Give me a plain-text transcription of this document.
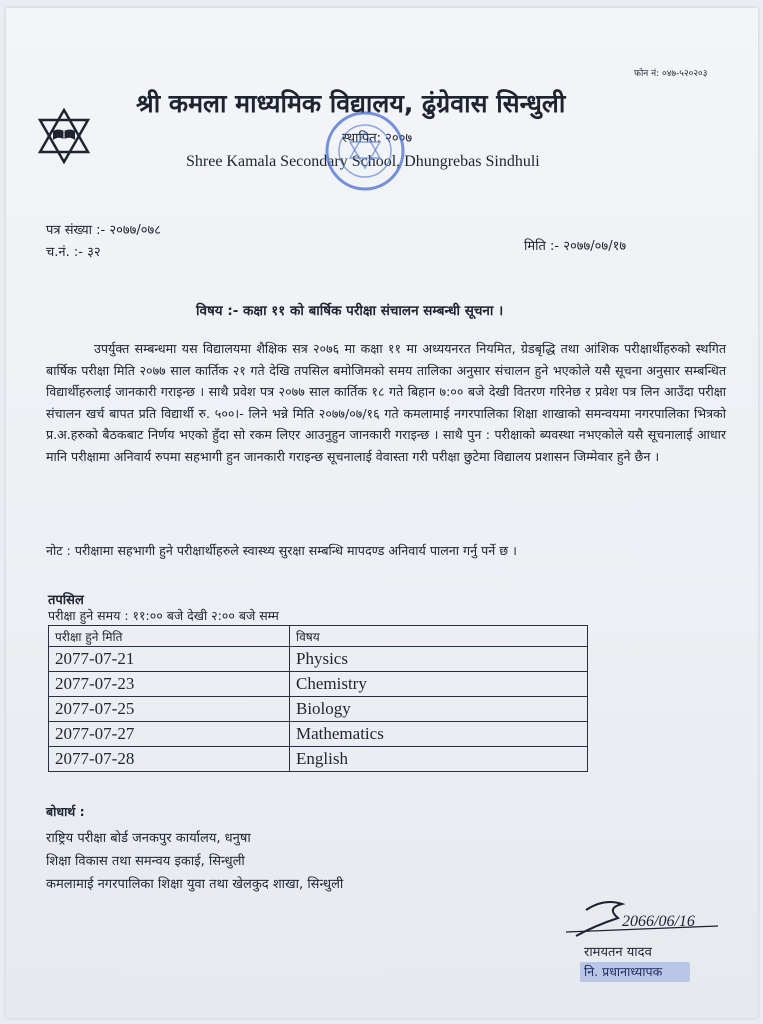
फोन नं: ०४७-५२०२०३
श्री कमला माध्यमिक विद्यालय, ढुंग्रेवास सिन्धुली
स्थापित: २००७
Shree Kamala Secondary School, Dhungrebas Sindhuli
पत्र संख्या :- २०७७/०७८
च.नं. :- ३२	मिति :- २०७७/०७/१७
विषय :- कक्षा ११ को बार्षिक परीक्षा संचालन सम्बन्धी सूचना ।
उपर्युक्त सम्बन्धमा यस विद्यालयमा शैक्षिक सत्र २०७६ मा कक्षा ११ मा अध्ययनरत नियमित, ग्रेडबृद्धि तथा आंशिक परीक्षार्थीहरुको स्थगित बार्षिक परीक्षा मिति २०७७ साल कार्तिक २१ गते देखि तपसिल बमोजिमको समय तालिका अनुसार संचालन हुने भएकोले यसै सूचना अनुसार सम्बन्धित विद्यार्थीहरुलाई जानकारी गराइन्छ । साथै प्रवेश पत्र २०७७ साल कार्तिक १८ गते बिहान ७:०० बजे देखी वितरण गरिनेछ र प्रवेश पत्र लिन आउँदा परीक्षा संचालन खर्च बापत प्रति विद्यार्थी रु. ५००।- लिने भन्ने मिति २०७७/०७/१६ गते कमलामाई नगरपालिका शिक्षा शाखाको समन्वयमा नगरपालिका भित्रको प्र.अ.हरुको बैठकबाट निर्णय भएको हुँदा सो रकम लिएर आउनुहुन जानकारी गराइन्छ । साथै पुन : परीक्षाको ब्यवस्था नभएकोले यसै सूचनालाई आधार मानि परीक्षामा अनिवार्य रुपमा सहभागी हुन जानकारी गराइन्छ सूचनालाई वेवास्ता गरी परीक्षा छुटेमा विद्यालय प्रशासन जिम्मेवार हुने छैन ।
नोट : परीक्षामा सहभागी हुने परीक्षार्थीहरुले स्वास्थ्य सुरक्षा सम्बन्धि मापदण्ड अनिवार्य पालना गर्नु पर्ने छ ।
तपसिल
परीक्षा हुने समय : ११:०० बजे देखी २:०० बजे सम्म
परीक्षा हुने मिति	विषय
2077-07-21	Physics
2077-07-23	Chemistry
2077-07-25	Biology
2077-07-27	Mathematics
2077-07-28	English
बोधार्थ :
राष्ट्रिय परीक्षा बोर्ड जनकपुर कार्यालय, धनुषा
शिक्षा विकास तथा समन्वय इकाई, सिन्धुली
कमलामाई नगरपालिका शिक्षा युवा तथा खेलकुद शाखा, सिन्धुली
2066/06/16
रामयतन यादव
नि. प्रधानाध्यापक
